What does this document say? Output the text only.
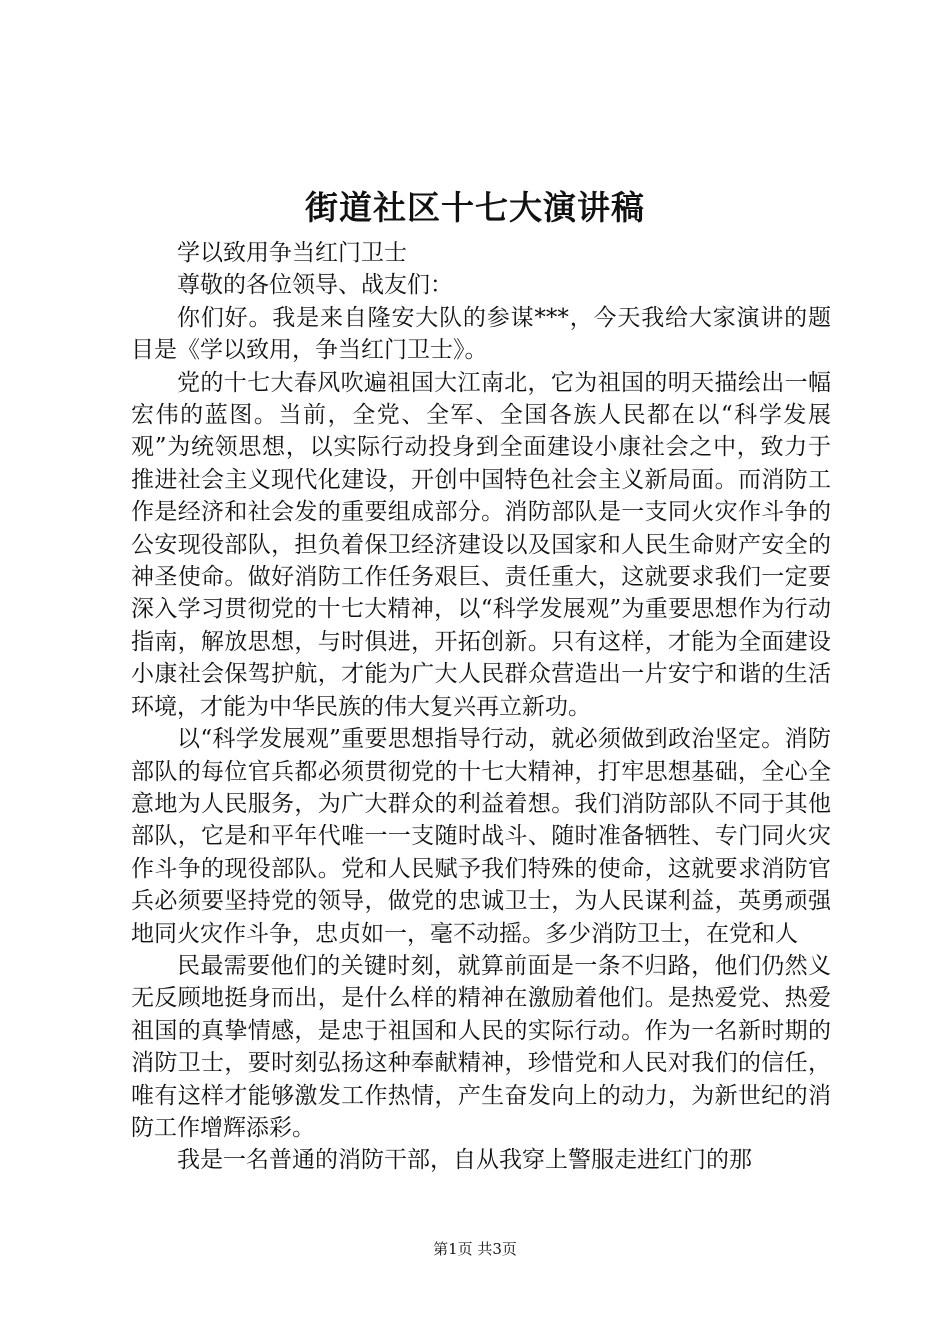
街道社区十七大演讲稿

学以致用争当红门卫士

尊敬的各位领导、战友们：

你们好。我是来自隆安大队的参谋***，今天我给大家演讲的题目是《学以致用，争当红门卫士》。

党的十七大春风吹遍祖国大江南北，它为祖国的明天描绘出一幅宏伟的蓝图。当前，全党、全军、全国各族人民都在以“科学发展观”为统领思想，以实际行动投身到全面建设小康社会之中，致力于推进社会主义现代化建设，开创中国特色社会主义新局面。而消防工作是经济和社会发的重要组成部分。消防部队是一支同火灾作斗争的公安现役部队，担负着保卫经济建设以及国家和人民生命财产安全的神圣使命。做好消防工作任务艰巨、责任重大，这就要求我们一定要深入学习贯彻党的十七大精神，以“科学发展观”为重要思想作为行动指南，解放思想，与时俱进，开拓创新。只有这样，才能为全面建设小康社会保驾护航，才能为广大人民群众营造出一片安宁和谐的生活环境，才能为中华民族的伟大复兴再立新功。

以“科学发展观”重要思想指导行动，就必须做到政治坚定。消防部队的每位官兵都必须贯彻党的十七大精神，打牢思想基础，全心全意地为人民服务，为广大群众的利益着想。我们消防部队不同于其他部队，它是和平年代唯一一支随时战斗、随时准备牺牲、专门同火灾作斗争的现役部队。党和人民赋予我们特殊的使命，这就要求消防官兵必须要坚持党的领导，做党的忠诚卫士，为人民谋利益，英勇顽强地同火灾作斗争，忠贞如一，毫不动摇。多少消防卫士，在党和人

民最需要他们的关键时刻，就算前面是一条不归路，他们仍然义无反顾地挺身而出，是什么样的精神在激励着他们。是热爱党、热爱祖国的真挚情感，是忠于祖国和人民的实际行动。作为一名新时期的消防卫士，要时刻弘扬这种奉献精神，珍惜党和人民对我们的信任，唯有这样才能够激发工作热情，产生奋发向上的动力，为新世纪的消防工作增辉添彩。

我是一名普通的消防干部，自从我穿上警服走进红门的那

第1页 共3页
